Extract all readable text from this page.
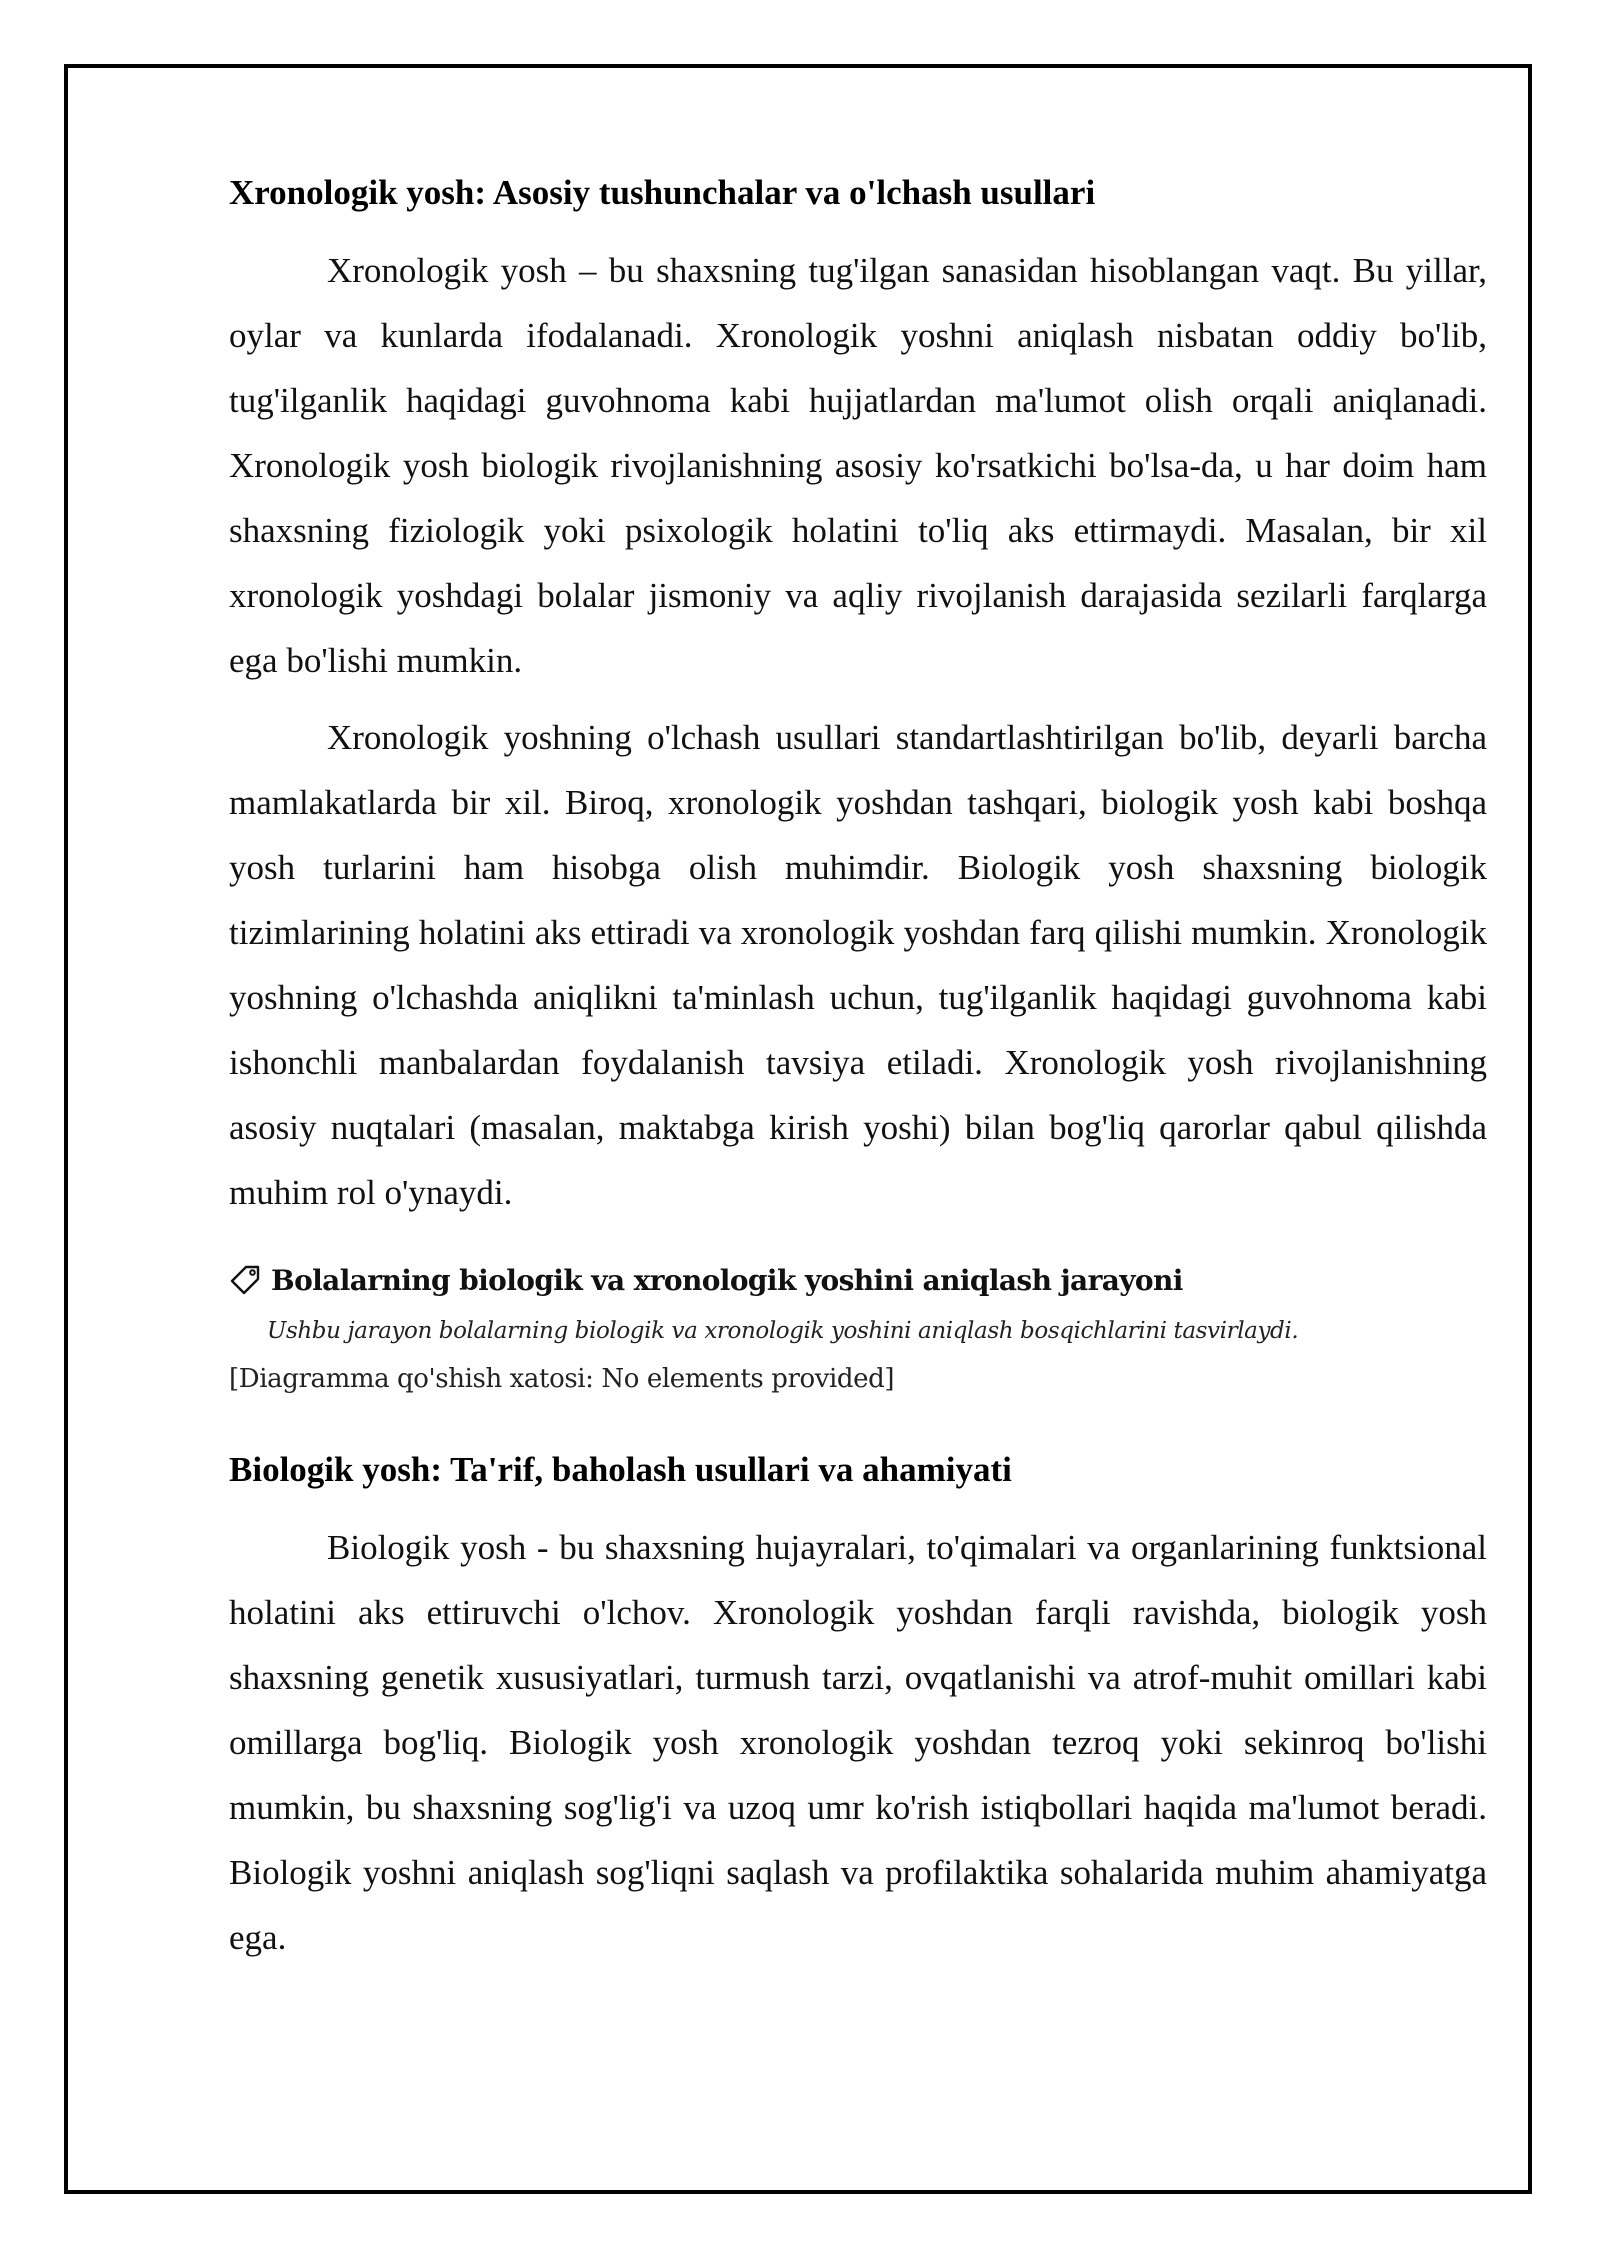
Xronologik yosh: Asosiy tushunchalar va o'lchash usullari

Xronologik yosh – bu shaxsning tug'ilgan sanasidan hisoblangan vaqt. Bu yillar, oylar va kunlarda ifodalanadi. Xronologik yoshni aniqlash nisbatan oddiy bo'lib, tug'ilganlik haqidagi guvohnoma kabi hujjatlardan ma'lumot olish orqali aniqlanadi. Xronologik yosh biologik rivojlanishning asosiy ko'rsatkichi bo'lsa-da, u har doim ham shaxsning fiziologik yoki psixologik holatini to'liq aks ettirmaydi. Masalan, bir xil xronologik yoshdagi bolalar jismoniy va aqliy rivojlanish darajasida sezilarli farqlarga ega bo'lishi mumkin.

Xronologik yoshning o'lchash usullari standartlashtirilgan bo'lib, deyarli barcha mamlakatlarda bir xil. Biroq, xronologik yoshdan tashqari, biologik yosh kabi boshqa yosh turlarini ham hisobga olish muhimdir. Biologik yosh shaxsning biologik tizimlarining holatini aks ettiradi va xronologik yoshdan farq qilishi mumkin. Xronologik yoshning o'lchashda aniqlikni ta'minlash uchun, tug'ilganlik haqidagi guvohnoma kabi ishonchli manbalardan foydalanish tavsiya etiladi. Xronologik yosh rivojlanishning asosiy nuqtalari (masalan, maktabga kirish yoshi) bilan bog'liq qarorlar qabul qilishda muhim rol o'ynaydi.

Bolalarning biologik va xronologik yoshini aniqlash jarayoni
Ushbu jarayon bolalarning biologik va xronologik yoshini aniqlash bosqichlarini tasvirlaydi.
[Diagramma qo'shish xatosi: No elements provided]
Biologik yosh: Ta'rif, baholash usullari va ahamiyati

Biologik yosh - bu shaxsning hujayralari, to'qimalari va organlarining funktsional holatini aks ettiruvchi o'lchov. Xronologik yoshdan farqli ravishda, biologik yosh shaxsning genetik xususiyatlari, turmush tarzi, ovqatlanishi va atrof-muhit omillari kabi omillarga bog'liq. Biologik yosh xronologik yoshdan tezroq yoki sekinroq bo'lishi mumkin, bu shaxsning sog'lig'i va uzoq umr ko'rish istiqbollari haqida ma'lumot beradi. Biologik yoshni aniqlash sog'liqni saqlash va profilaktika sohalarida muhim ahamiyatga ega.
